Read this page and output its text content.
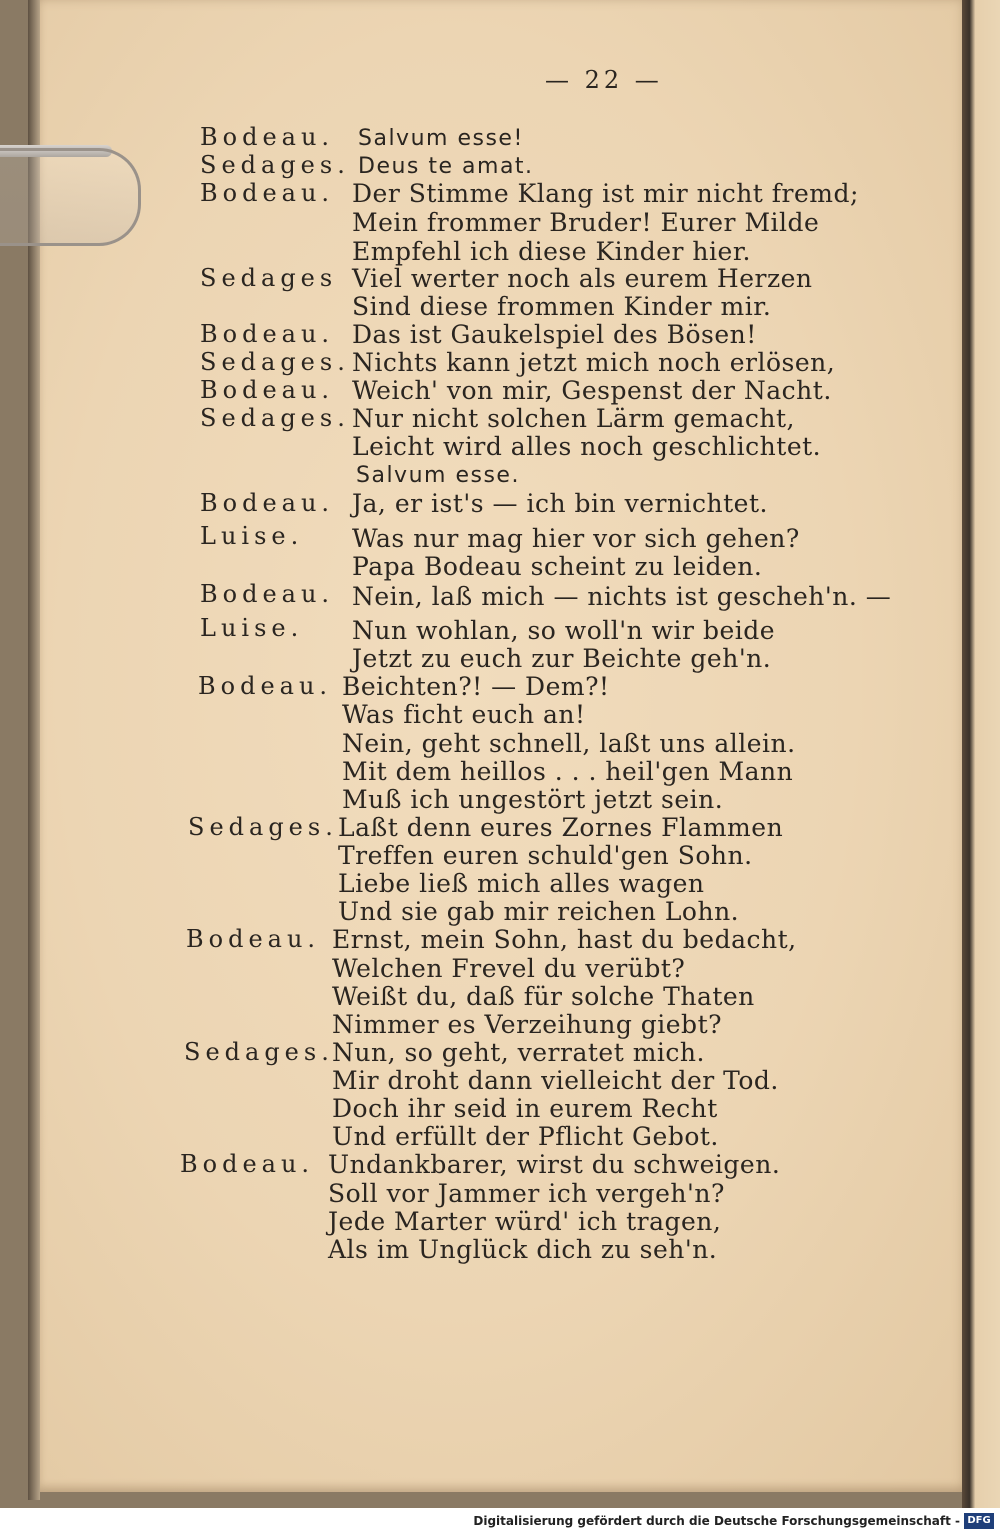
— 22 —
Bodeau. Salvum esse!
Sedages. Deus te amat.
Bodeau. Der Stimme Klang ist mir nicht fremd;
Mein frommer Bruder! Eurer Milde
Empfehl ich diese Kinder hier.
Sedages Viel werter noch als eurem Herzen
Sind diese frommen Kinder mir.
Bodeau. Das ist Gaukelspiel des Bösen!
Sedages. Nichts kann jetzt mich noch erlösen,
Bodeau. Weich' von mir, Gespenst der Nacht.
Sedages. Nur nicht solchen Lärm gemacht,
Leicht wird alles noch geschlichtet.
Salvum esse.
Bodeau. Ja, er ist's — ich bin vernichtet.
Luise. Was nur mag hier vor sich gehen?
Papa Bodeau scheint zu leiden.
Bodeau. Nein, laß mich — nichts ist gescheh'n. —
Luise. Nun wohlan, so woll'n wir beide
Jetzt zu euch zur Beichte geh'n.
Bodeau. Beichten?! — Dem?!
Was ficht euch an!
Nein, geht schnell, laßt uns allein.
Mit dem heillos . . . heil'gen Mann
Muß ich ungestört jetzt sein.
Sedages. Laßt denn eures Zornes Flammen
Treffen euren schuld'gen Sohn.
Liebe ließ mich alles wagen
Und sie gab mir reichen Lohn.
Bodeau. Ernst, mein Sohn, hast du bedacht,
Welchen Frevel du verübt?
Weißt du, daß für solche Thaten
Nimmer es Verzeihung giebt?
Sedages.
Nun, so geht, verratet mich.
Mir droht dann vielleicht der Tod.
Doch ihr seid in eurem Recht
Und erfüllt der Pflicht Gebot.
Bodeau. Undankbarer, wirst du schweigen.
Soll vor Jammer ich vergeh'n?
Jede Marter würd' ich tragen,
Als im Unglück dich zu seh'n.
Digitalisierung gefördert durch die Deutsche Forschungsgemeinschaft - DFG
